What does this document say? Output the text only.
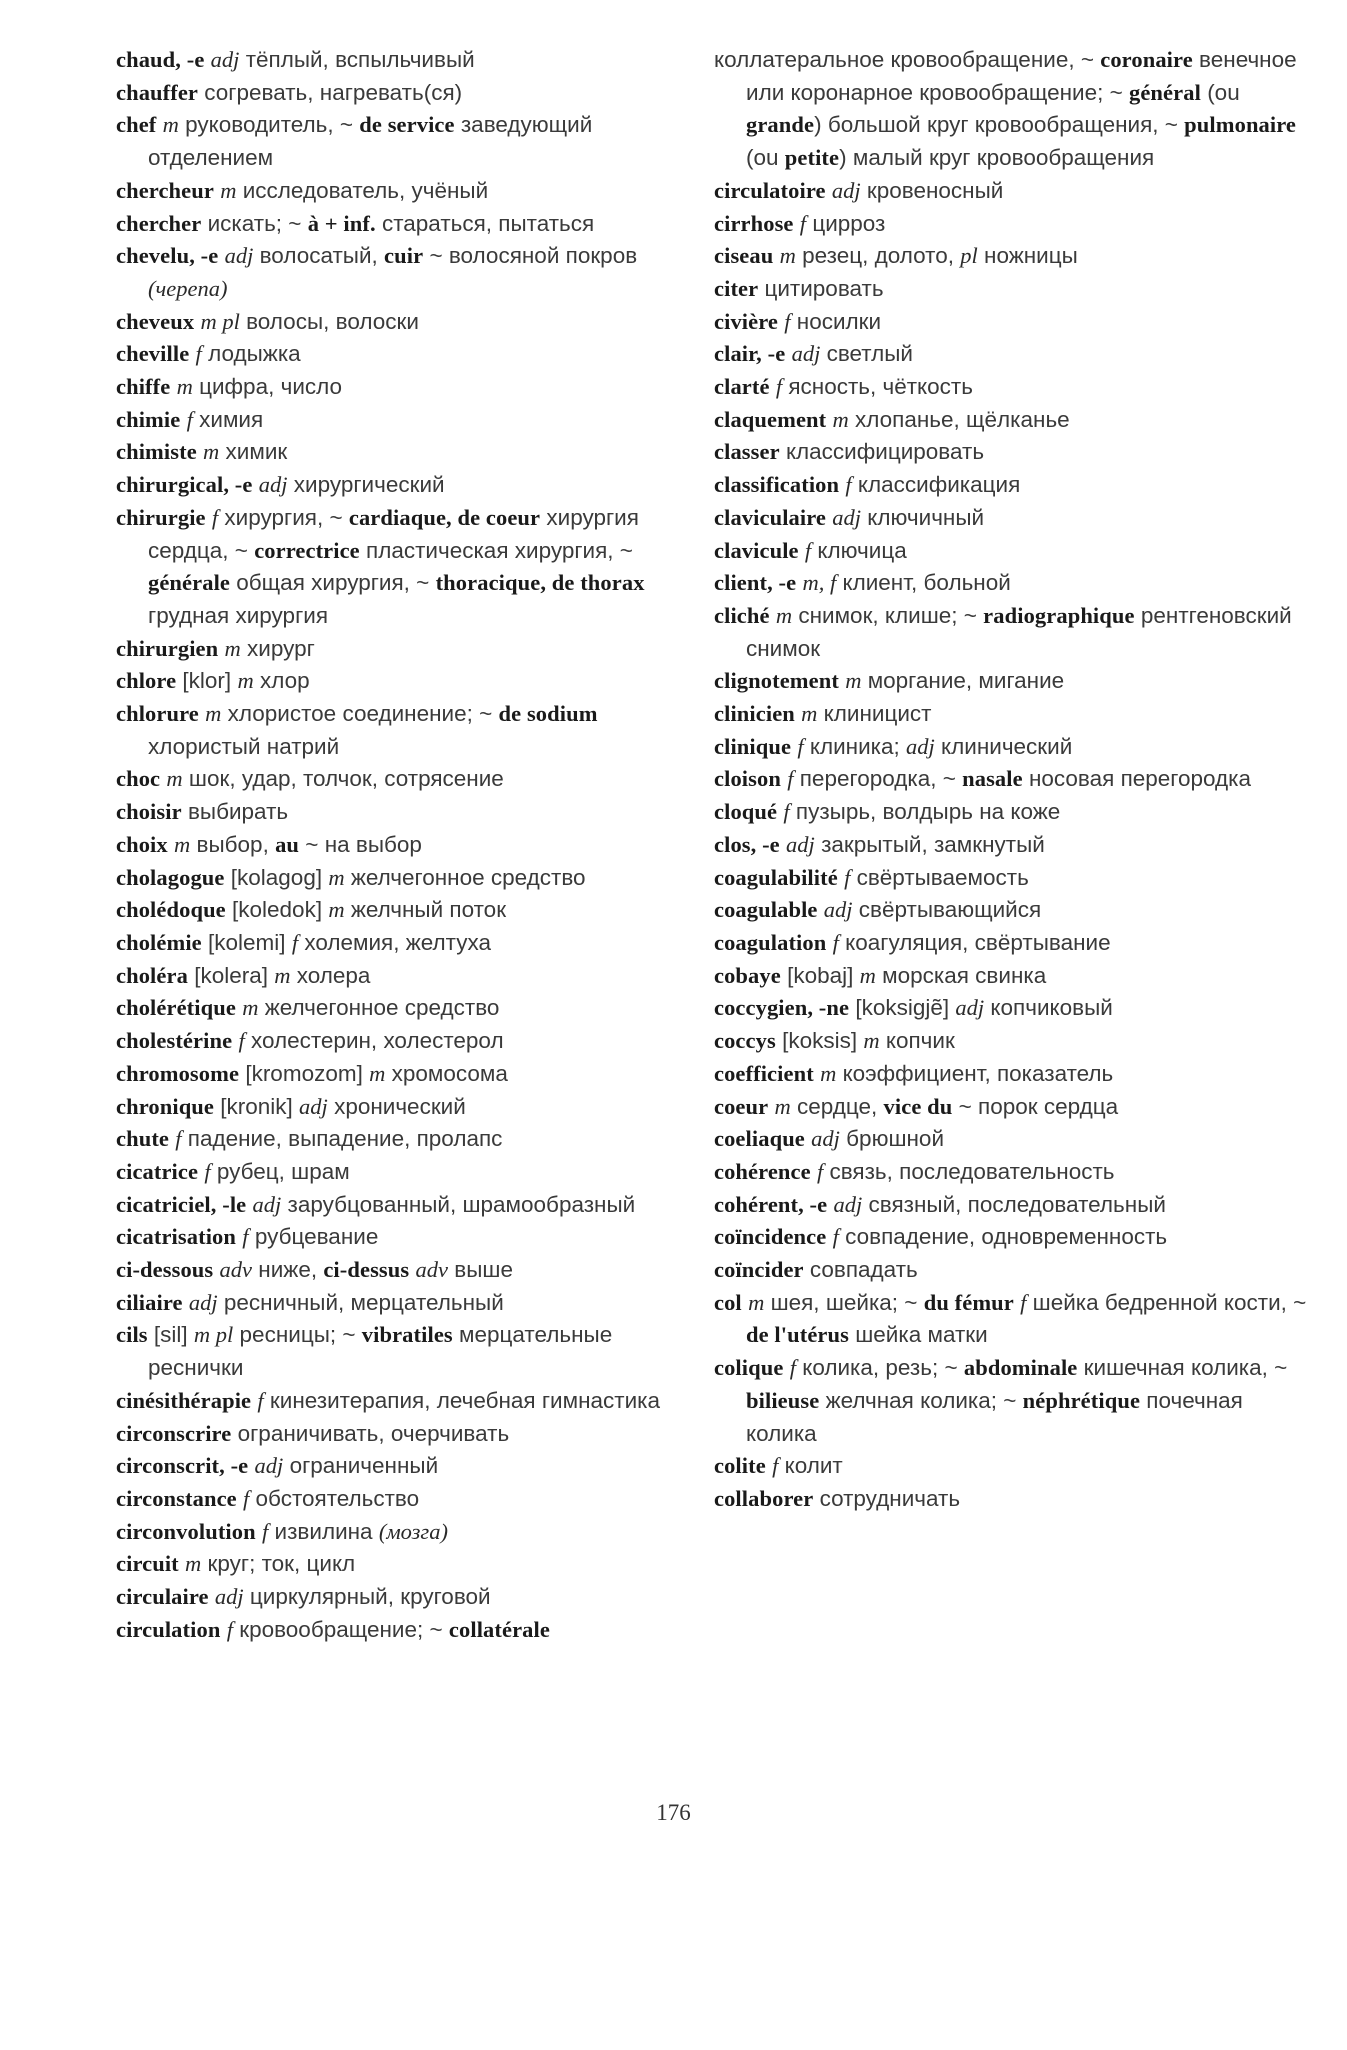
chaud, -e adj тёплый, вспыльчивый
chauffer согревать, нагревать(ся)
chef m руководитель, ~ de service заведующий отделением
chercheur m исследователь, учёный
chercher искать; ~ à + inf. стараться, пытаться
chevelu, -e adj волосатый, cuir ~ волосяной покров (черепа)
cheveux m pl волосы, волоски
cheville f лодыжка
chiffe m цифра, число
chimie f химия
chimiste m химик
chirurgical, -e adj хирургический
chirurgie f хирургия, ~ cardiaque, de coeur хирургия сердца, ~ correctrice пластическая хирургия, ~ générale общая хирургия, ~ thoracique, de thorax грудная хирургия
chirurgien m хирург
chlore [klor] m хлор
chlorure m хлористое соединение; ~ de sodium хлористый натрий
choc m шок, удар, толчок, сотрясение
choisir выбирать
choix m выбор, au ~ на выбор
cholagogue [kolagog] m желчегонное средство
cholédoque [koledok] m желчный поток
cholémie [kolemi] f холемия, желтуха
choléra [kolera] m холера
cholérétique m желчегонное средство
cholestérine f холестерин, холестерол
chromosome [kromozom] m хромосома
chronique [kronik] adj хронический
chute f падение, выпадение, пролапс
cicatrice f рубец, шрам
cicatriciel, -le adj зарубцованный, шрамообразный
cicatrisation f рубцевание
ci-dessous adv ниже, ci-dessus adv выше
ciliaire adj ресничный, мерцательный
cils [sil] m pl ресницы; ~ vibratiles мерцательные реснички
cinésithérapie f кинезитерапия, лечебная гимнастика
circonscrire ограничивать, очерчивать
circonscrit, -e adj ограниченный
circonstance f обстоятельство
circonvolution f извилина (мозга)
circuit m круг; ток, цикл
circulaire adj циркулярный, круговой
circulation f кровообращение; ~ collatérale
коллатеральное кровообращение, ~ coronaire венечное или коронарное кровообращение; ~ général (ou grande) большой круг кровообращения, ~ pulmonaire (ou petite) малый круг кровообращения
circulatoire adj кровеносный
cirrhose f цирроз
ciseau m резец, долото, pl ножницы
citer цитировать
civière f носилки
clair, -e adj светлый
clarté f ясность, чёткость
claquement m хлопанье, щёлканье
classer классифицировать
classification f классификация
claviculaire adj ключичный
clavicule f ключица
client, -e m, f клиент, больной
cliché m снимок, клише; ~ radiographique рентгеновский снимок
clignotement m моргание, мигание
clinicien m клиницист
clinique f клиника; adj клинический
cloison f перегородка, ~ nasale носовая перегородка
cloqué f пузырь, волдырь на коже
clos, -e adj закрытый, замкнутый
coagulabilité f свёртываемость
coagulable adj свёртывающийся
coagulation f коагуляция, свёртывание
cobaye [kobaj] m морская свинка
coccygien, -ne [koksigjẽ] adj копчиковый
coccys [koksis] m копчик
coefficient m коэффициент, показатель
coeur m сердце, vice du ~ порок сердца
coeliaque adj брюшной
cohérence f связь, последовательность
cohérent, -e adj связный, последовательный
coïncidence f совпадение, одновременность
coïncider совпадать
col m шея, шейка; ~ du fémur f шейка бедренной кости, ~ de l'utérus шейка матки
colique f колика, резь; ~ abdominale кишечная колика, ~ bilieuse желчная колика; ~ néphrétique почечная колика
colite f колит
collaborer сотрудничать
176
